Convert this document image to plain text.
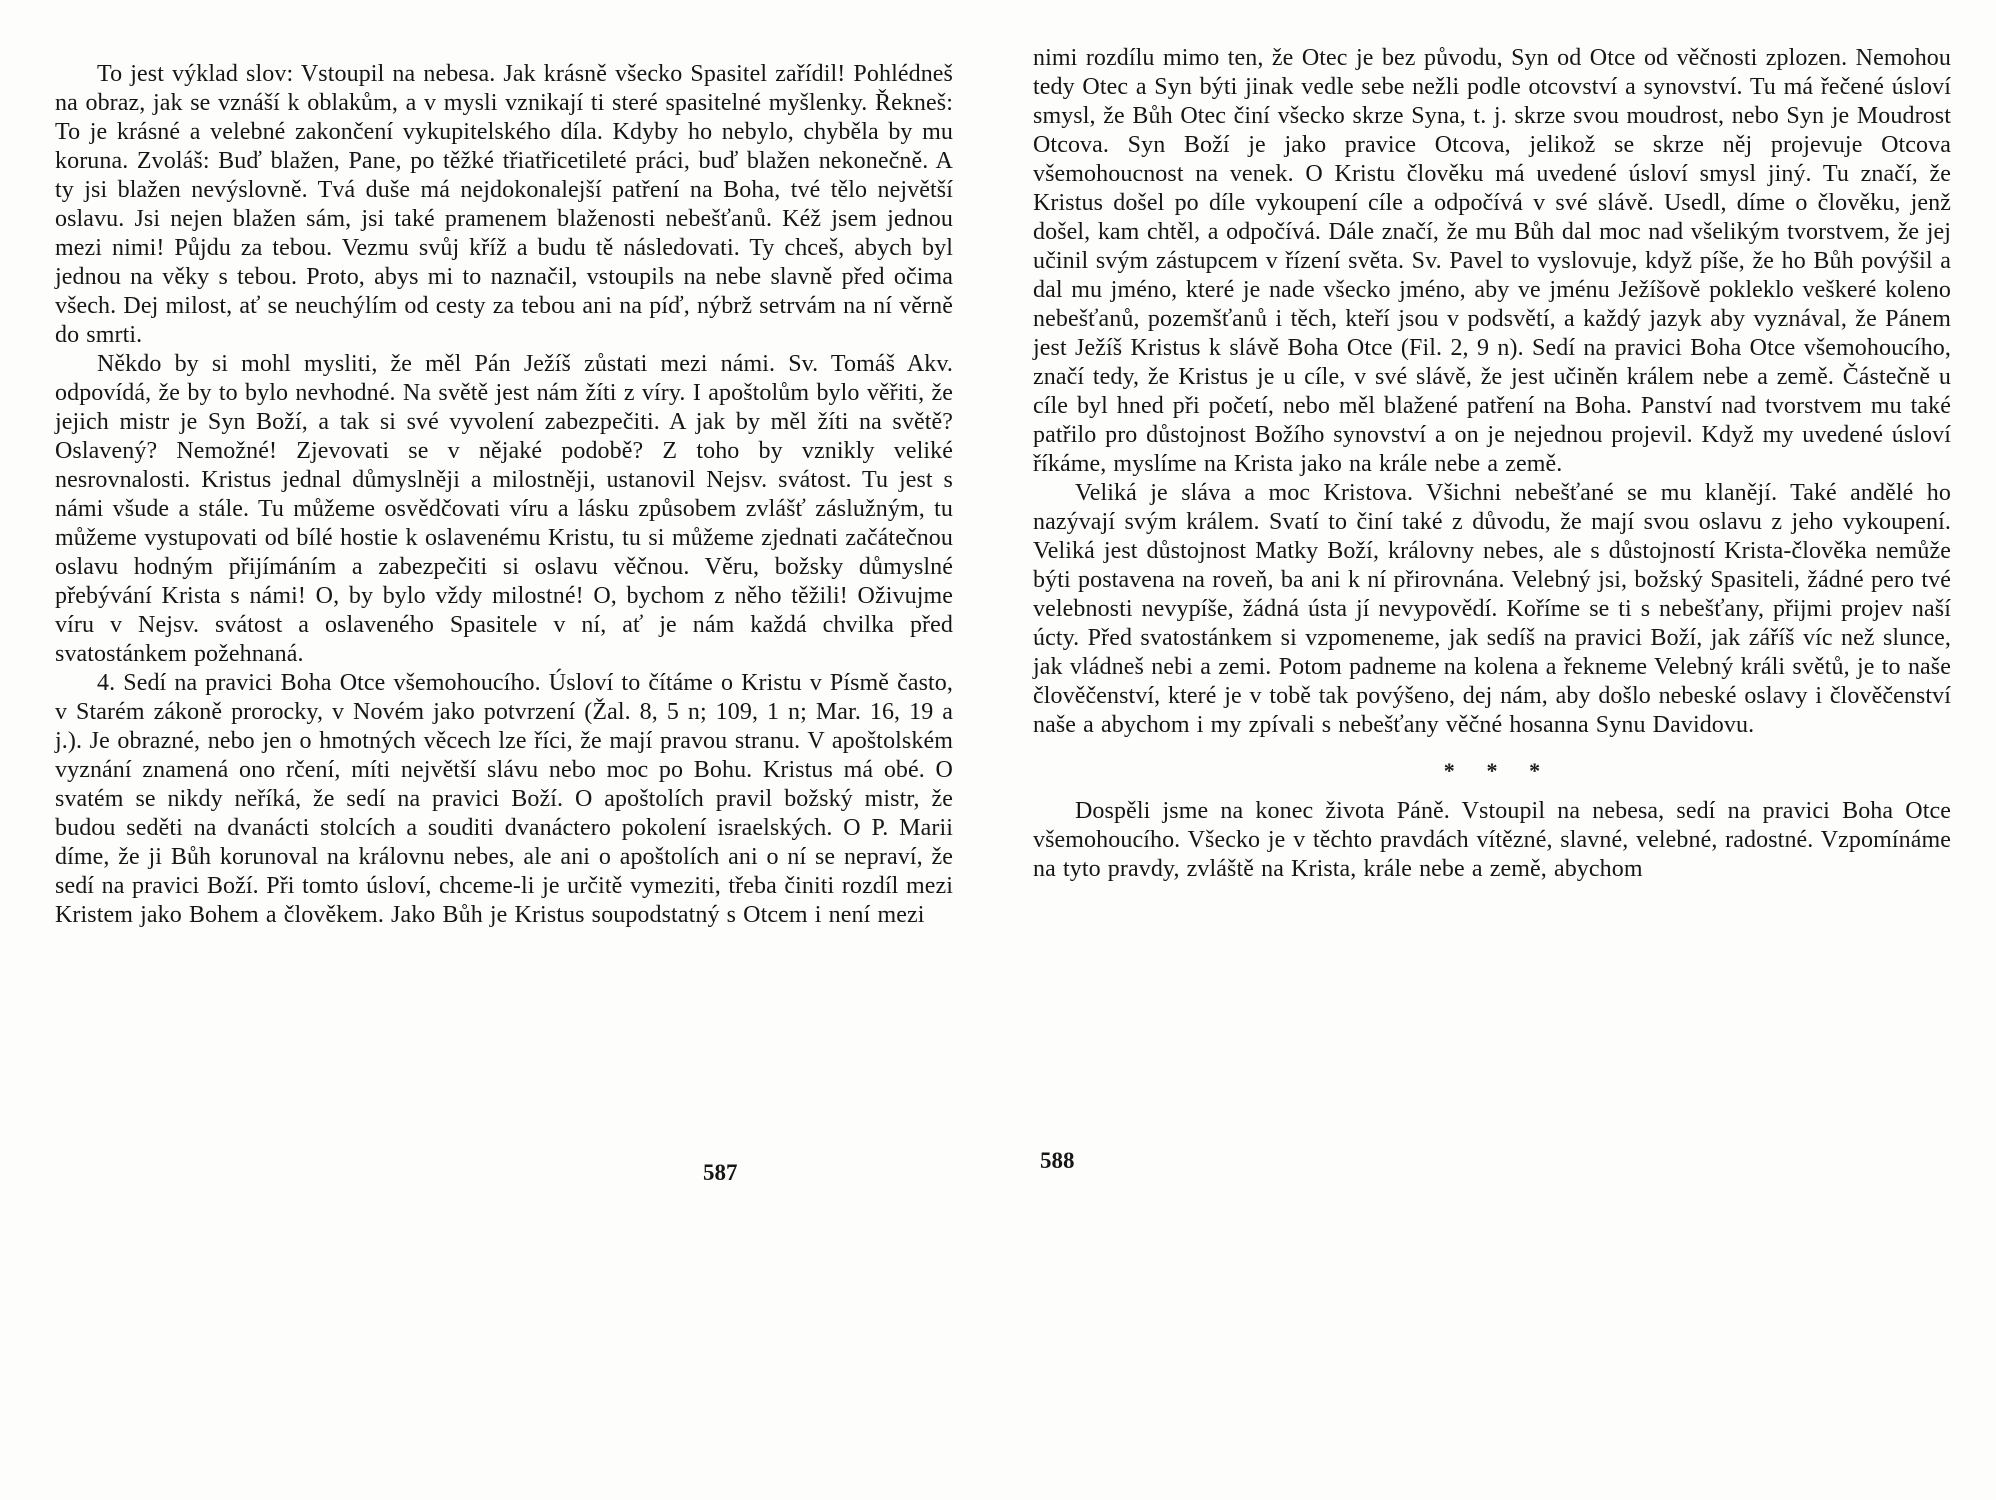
To jest výklad slov: Vstoupil na nebesa. Jak krásně všecko Spasitel zařídil! Pohlédneš na obraz, jak se vznáší k oblakům, a v mysli vznikají ti steré spasitelné myšlenky. Řekneš: To je krásné a velebné zakončení vykupitelského díla. Kdyby ho nebylo, chyběla by mu koruna. Zvoláš: Buď blažen, Pane, po těžké třiatřicetileté práci, buď blažen nekonečně. A ty jsi blažen nevýslovně. Tvá duše má nejdokonalejší patření na Boha, tvé tělo největší oslavu. Jsi nejen blažen sám, jsi také pramenem blaženosti nebešťanů. Kéž jsem jednou mezi nimi! Půjdu za tebou. Vezmu svůj kříž a budu tě následovati. Ty chceš, abych byl jednou na věky s tebou. Proto, abys mi to naznačil, vstoupils na nebe slavně před očima všech. Dej milost, ať se neuchýlím od cesty za tebou ani na píď, nýbrž setrvám na ní věrně do smrti.

Někdo by si mohl mysliti, že měl Pán Ježíš zůstati mezi námi. Sv. Tomáš Akv. odpovídá, že by to bylo nevhodné. Na světě jest nám žíti z víry. I apoštolům bylo věřiti, že jejich mistr je Syn Boží, a tak si své vyvolení zabezpečiti. A jak by měl žíti na světě? Oslavený? Nemožné! Zjevovati se v nějaké podobě? Z toho by vznikly veliké nesrovnalosti. Kristus jednal důmyslněji a milostněji, ustanovil Nejsv. svátost. Tu jest s námi všude a stále. Tu můžeme osvědčovati víru a lásku způsobem zvlášť záslužným, tu můžeme vystupovati od bílé hostie k oslavenému Kristu, tu si můžeme zjednati začátečnou oslavu hodným přijímáním a zabezpečiti si oslavu věčnou. Věru, božsky důmyslné přebývání Krista s námi! O, by bylo vždy milostné! O, bychom z něho těžili! Oživujme víru v Nejsv. svátost a oslaveného Spasitele v ní, ať je nám každá chvilka před svatostánkem požehnaná.

4. Sedí na pravici Boha Otce všemohoucího. Úsloví to čítáme o Kristu v Písmě často, v Starém zákoně prorocky, v Novém jako potvrzení (Žal. 8, 5 n; 109, 1 n; Mar. 16, 19 a j.). Je obrazné, nebo jen o hmotných věcech lze říci, že mají pravou stranu. V apoštolském vyznání znamená ono rčení, míti největší slávu nebo moc po Bohu. Kristus má obé. O svatém se nikdy neříká, že sedí na pravici Boží. O apoštolích pravil božský mistr, že budou seděti na dvanácti stolcích a souditi dvanáctero pokolení israelských. O P. Marii díme, že ji Bůh korunoval na královnu nebes, ale ani o apoštolích ani o ní se nepraví, že sedí na pravici Boží. Při tomto úsloví, chceme-li je určitě vymeziti, třeba činiti rozdíl mezi Kristem jako Bohem a člověkem. Jako Bůh je Kristus soupodstatný s Otcem i není mezi

nimi rozdílu mimo ten, že Otec je bez původu, Syn od Otce od věčnosti zplozen. Nemohou tedy Otec a Syn býti jinak vedle sebe nežli podle otcovství a synovství. Tu má řečené úsloví smysl, že Bůh Otec činí všecko skrze Syna, t. j. skrze svou moudrost, nebo Syn je Moudrost Otcova. Syn Boží je jako pravice Otcova, jelikož se skrze něj projevuje Otcova všemohoucnost na venek. O Kristu člověku má uvedené úsloví smysl jiný. Tu značí, že Kristus došel po díle vykoupení cíle a odpočívá v své slávě. Usedl, díme o člověku, jenž došel, kam chtěl, a odpočívá. Dále značí, že mu Bůh dal moc nad všelikým tvorstvem, že jej učinil svým zástupcem v řízení světa. Sv. Pavel to vyslovuje, když píše, že ho Bůh povýšil a dal mu jméno, které je nade všecko jméno, aby ve jménu Ježíšově pokleklo veškeré koleno nebešťanů, pozemšťanů i těch, kteří jsou v podsvětí, a každý jazyk aby vyznával, že Pánem jest Ježíš Kristus k slávě Boha Otce (Fil. 2, 9 n). Sedí na pravici Boha Otce všemohoucího, značí tedy, že Kristus je u cíle, v své slávě, že jest učiněn králem nebe a země. Částečně u cíle byl hned při početí, nebo měl blažené patření na Boha. Panství nad tvorstvem mu také patřilo pro důstojnost Božího synovství a on je nejednou projevil. Když my uvedené úsloví říkáme, myslíme na Krista jako na krále nebe a země.

Veliká je sláva a moc Kristova. Všichni nebešťané se mu klanějí. Také andělé ho nazývají svým králem. Svatí to činí také z důvodu, že mají svou oslavu z jeho vykoupení. Veliká jest důstojnost Matky Boží, královny nebes, ale s důstojností Krista-člověka nemůže býti postavena na roveň, ba ani k ní přirovnána. Velebný jsi, božský Spasiteli, žádné pero tvé velebnosti nevypíše, žádná ústa jí nevypovědí. Koříme se ti s nebešťany, přijmi projev naší úcty. Před svatostánkem si vzpomeneme, jak sedíš na pravici Boží, jak záříš víc než slunce, jak vládneš nebi a zemi. Potom padneme na kolena a řekneme Velebný králi světů, je to naše člověčenství, které je v tobě tak povýšeno, dej nám, aby došlo nebeské oslavy i člověčenství naše a abychom i my zpívali s nebešťany věčné hosanna Synu Davidovu.

* * *

Dospěli jsme na konec života Páně. Vstoupil na nebesa, sedí na pravici Boha Otce všemohoucího. Všecko je v těchto pravdách vítězné, slavné, velebné, radostné. Vzpomínáme na tyto pravdy, zvláště na Krista, krále nebe a země, abychom

587	588
